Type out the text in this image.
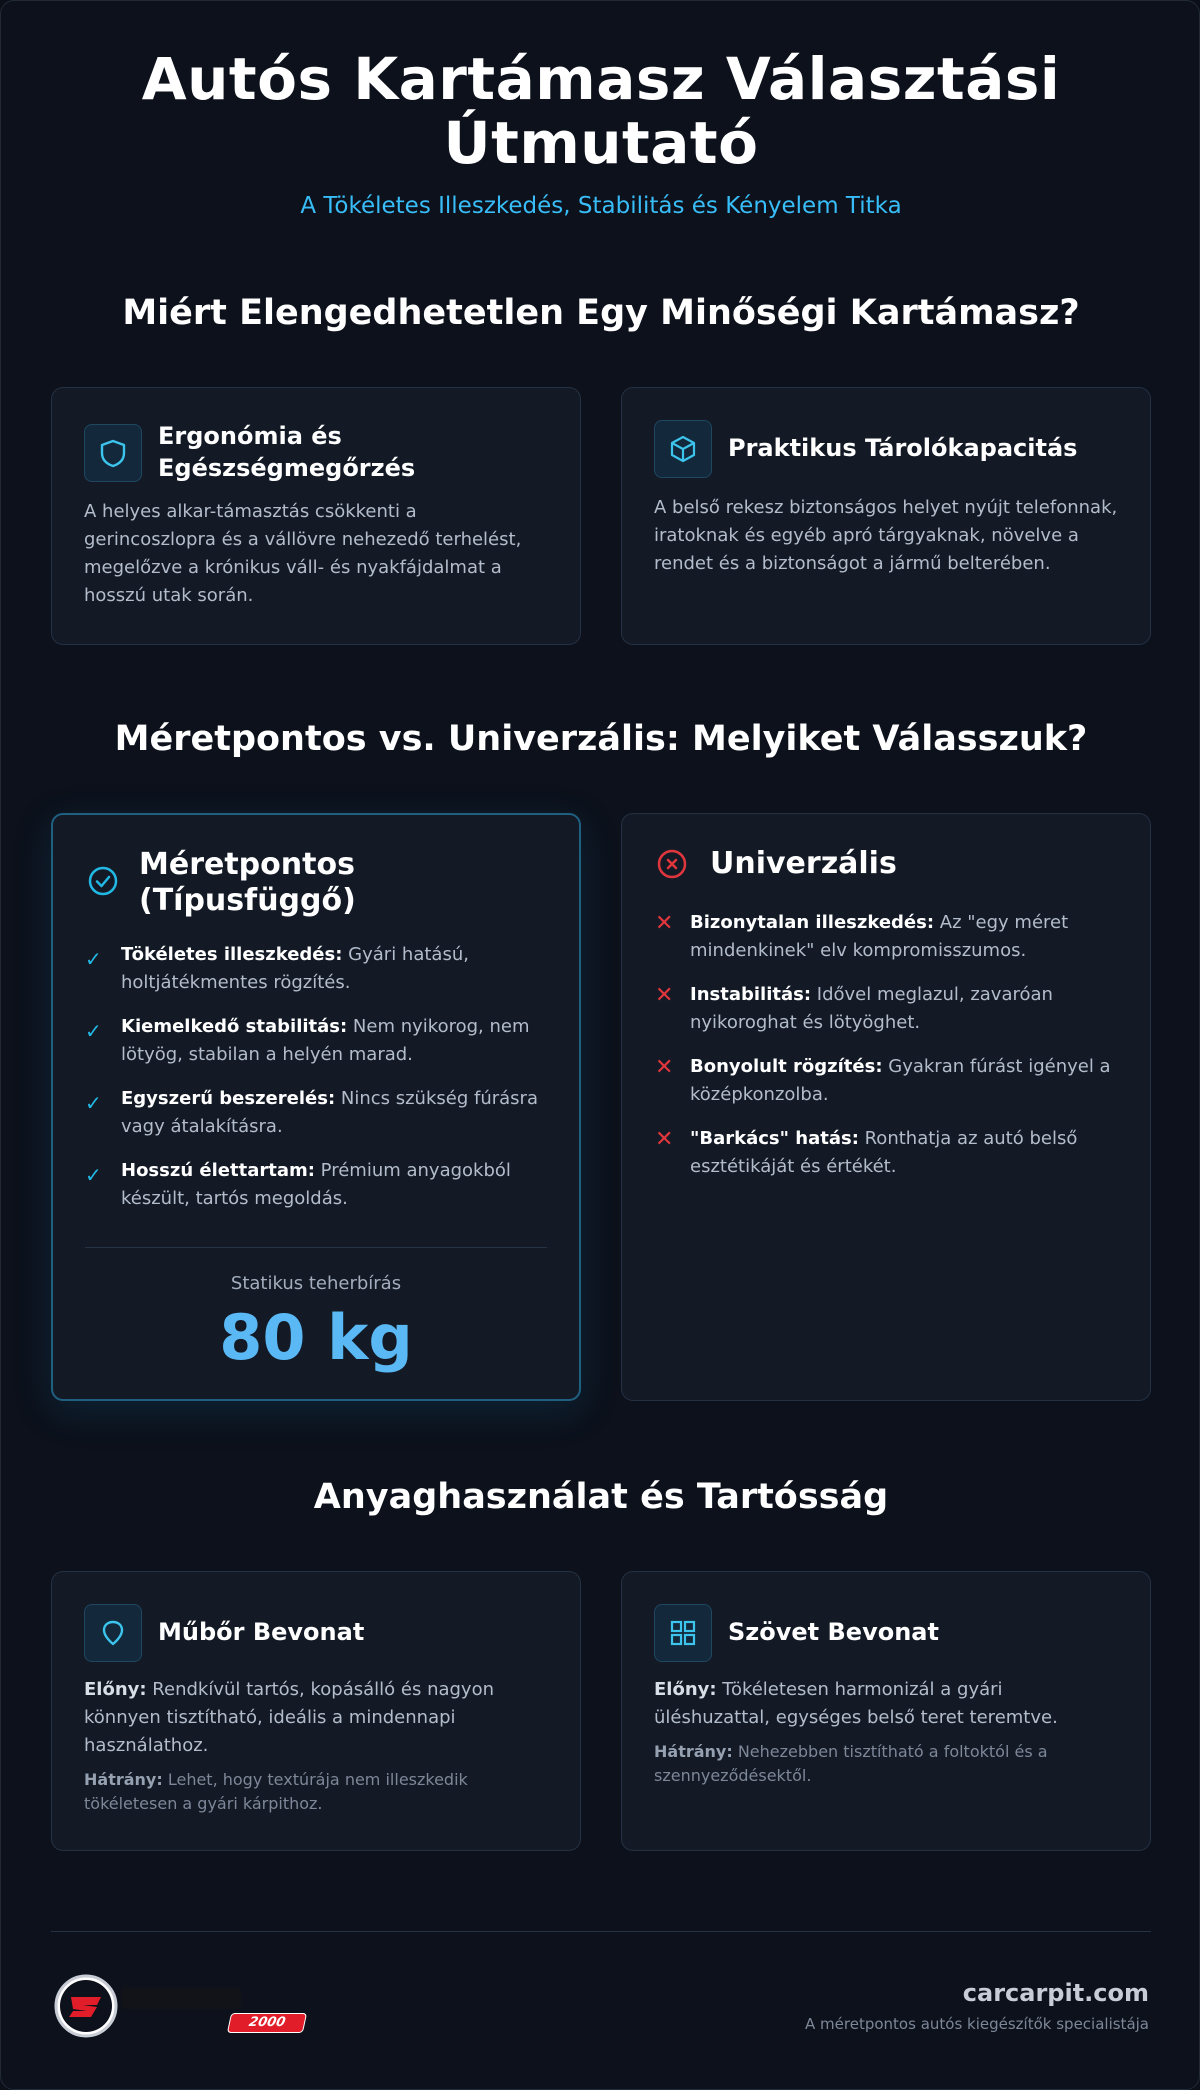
Autós Kartámasz Választási
Útmutató
A Tökéletes Illeszkedés, Stabilitás és Kényelem Titka
Miért Elengedhetetlen Egy Minőségi Kartámasz?
Ergonómia és
Egészségmegőrzés
A helyes alkar-támasztás csökkenti a
gerincoszlopra és a vállövre nehezedő terhelést,
megelőzve a krónikus váll- és nyakfájdalmat a
hosszú utak során.
Praktikus Tárolókapacitás
A belső rekesz biztonságos helyet nyújt telefonnak,
iratoknak és egyéb apró tárgyaknak, növelve a
rendet és a biztonságot a jármű belterében.
Méretpontos vs. Univerzális: Melyiket Válasszuk?
Méretpontos
(Típusfüggő)
✓ Tökéletes illeszkedés: Gyári hatású,
holtjátékmentes rögzítés.
✓ Kiemelkedő stabilitás: Nem nyikorog, nem
lötyög, stabilan a helyén marad.
✓ Egyszerű beszerelés: Nincs szükség fúrásra
vagy átalakításra.
✓ Hosszú élettartam: Prémium anyagokból
készült, tartós megoldás.
Statikus teherbírás
80 kg
Univerzális
✕ Bizonytalan illeszkedés: Az "egy méret
mindenkinek" elv kompromisszumos.
✕ Instabilitás: Idővel meglazul, zavaróan
nyikoroghat és lötyöghet.
✕ Bonyolult rögzítés: Gyakran fúrást igényel a
középkonzolba.
✕ "Barkács" hatás: Ronthatja az autó belső
esztétikáját és értékét.
Anyaghasználat és Tartósság
Műbőr Bevonat
Előny: Rendkívül tartós, kopásálló és nagyon
könnyen tisztítható, ideális a mindennapi
használathoz.
Hátrány: Lehet, hogy textúrája nem illeszkedik
tökéletesen a gyári kárpithoz.
Szövet Bevonat
Előny: Tökéletesen harmonizál a gyári
üléshuzattal, egységes belső teret teremtve.
Hátrány: Nehezebben tisztítható a foltoktól és a
szennyeződésektől.
2000
carcarpit.com
A méretpontos autós kiegészítők specialistája
